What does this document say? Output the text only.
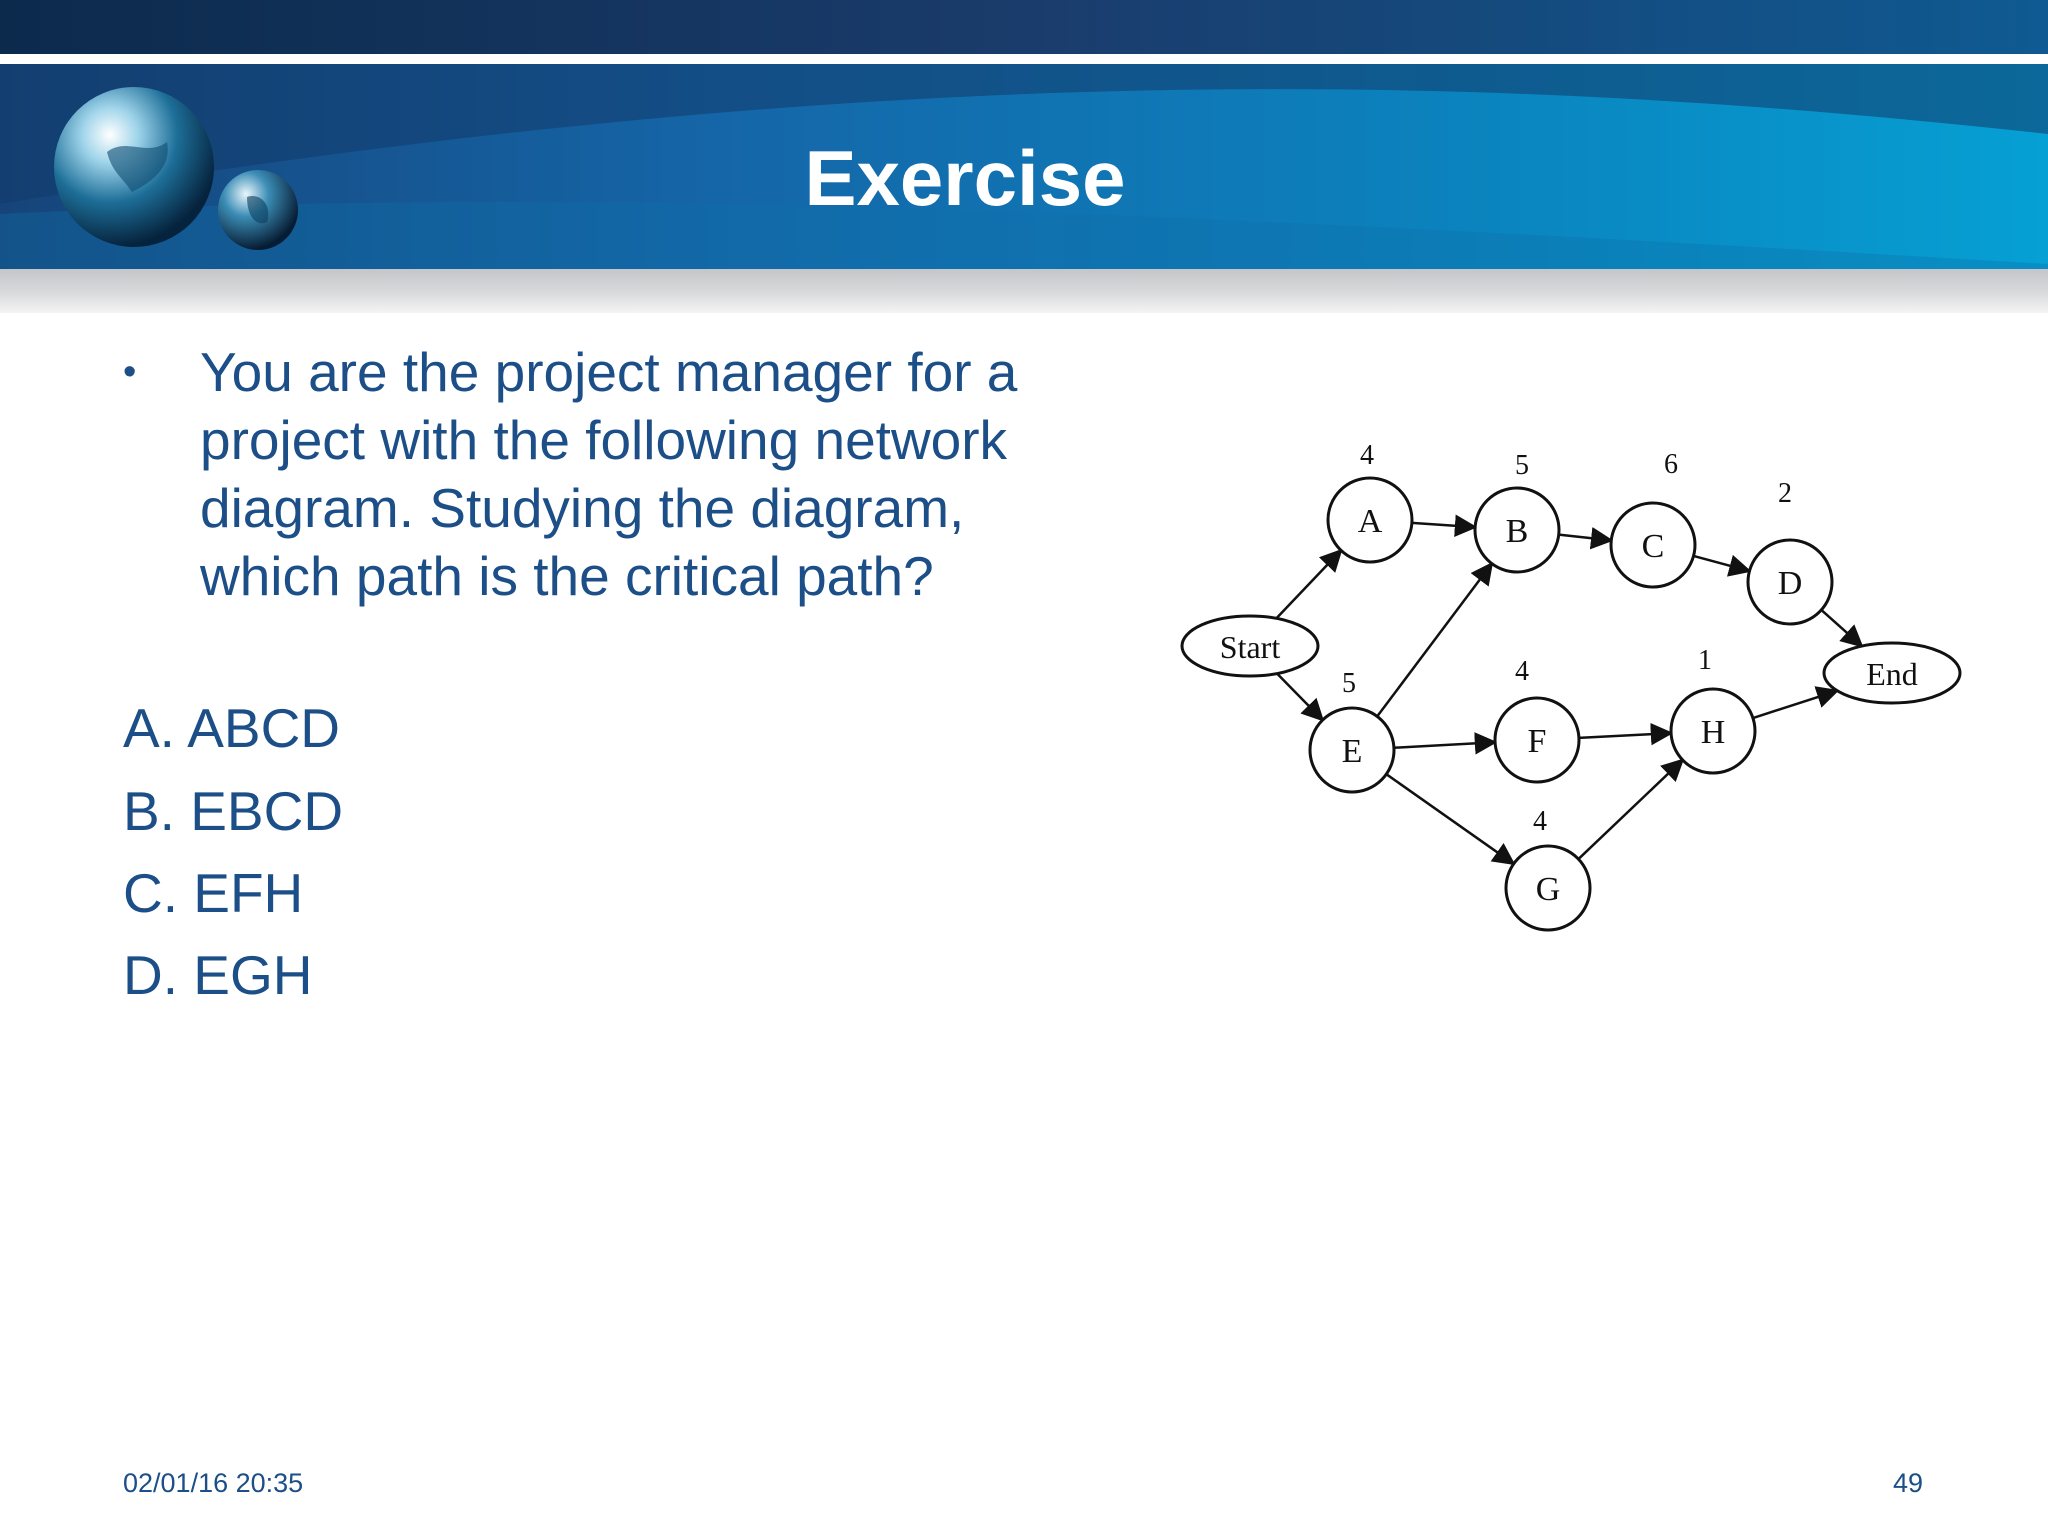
Exercise
•	You are the project manager for a project with the following network diagram. Studying the diagram, which path is the critical path?
A. ABCD
B. EBCD
C. EFH
D. EGH
Start
A
4
B
5
C
6
D
2
E
5
F
4
G
4
H
1	End
02/01/16 20:35	49
